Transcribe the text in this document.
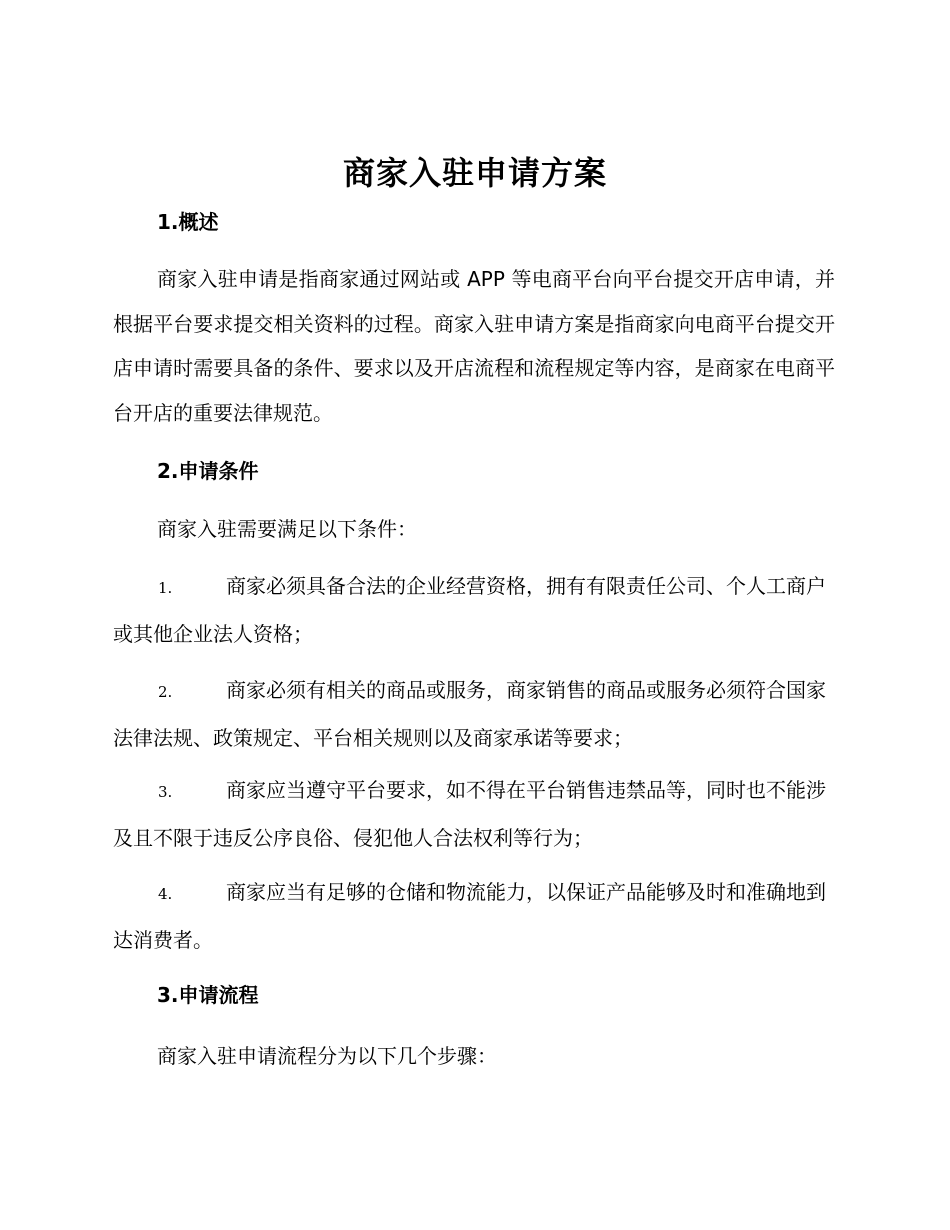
商家入驻申请方案
1.概述
商家入驻申请是指商家通过网站或 APP 等电商平台向平台提交开店申请，并根据平台要求提交相关资料的过程。商家入驻申请方案是指商家向电商平台提交开店申请时需要具备的条件、要求以及开店流程和流程规定等内容，是商家在电商平台开店的重要法律规范。
2.申请条件
商家入驻需要满足以下条件：
1.	商家必须具备合法的企业经营资格，拥有有限责任公司、个人工商户或其他企业法人资格；
2.	商家必须有相关的商品或服务，商家销售的商品或服务必须符合国家法律法规、政策规定、平台相关规则以及商家承诺等要求；
3.	商家应当遵守平台要求，如不得在平台销售违禁品等，同时也不能涉及且不限于违反公序良俗、侵犯他人合法权利等行为；
4.	商家应当有足够的仓储和物流能力，以保证产品能够及时和准确地到达消费者。
3.申请流程
商家入驻申请流程分为以下几个步骤：
